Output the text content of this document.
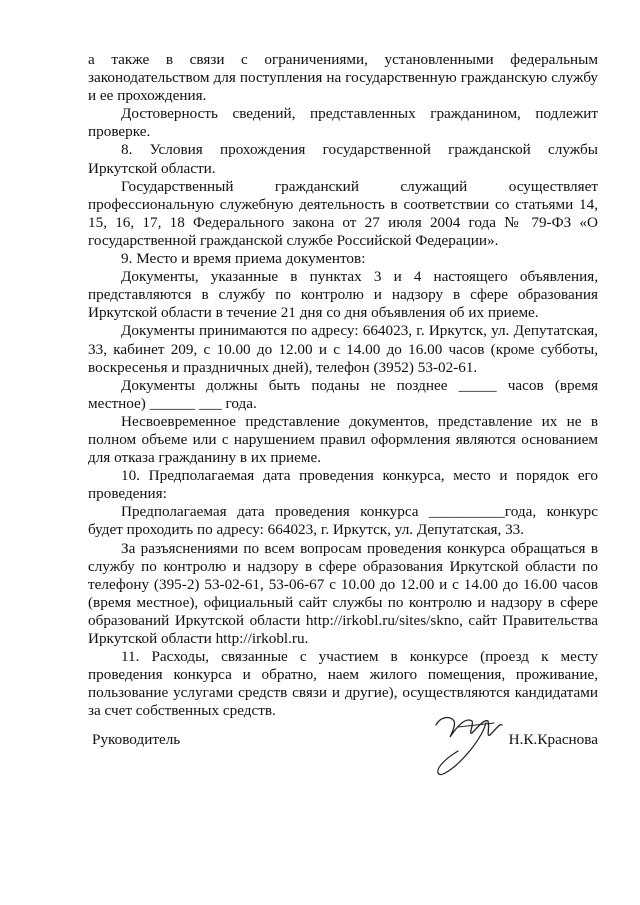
а также в связи с ограничениями, установленными федеральным законодательством для поступления на государственную гражданскую службу и ее прохождения.

Достоверность сведений, представленных гражданином, подлежит проверке.

8. Условия прохождения государственной гражданской службы Иркутской области.

Государственный гражданский служащий осуществляет профессиональную служебную деятельность в соответствии со статьями 14, 15, 16, 17, 18 Федерального закона от 27 июля 2004 года № 79-ФЗ «О государственной гражданской службе Российской Федерации».

9. Место и время приема документов:

Документы, указанные в пунктах 3 и 4 настоящего объявления, представляются в службу по контролю и надзору в сфере образования Иркутской области в течение 21 дня со дня объявления об их приеме.

Документы принимаются по адресу: 664023, г. Иркутск, ул. Депутатская, 33, кабинет 209, с 10.00 до 12.00 и с 14.00 до 16.00 часов (кроме субботы, воскресенья и праздничных дней), телефон (3952) 53-02-61.

Документы должны быть поданы не позднее _____ часов (время местное) ______ ___ года.

Несвоевременное представление документов, представление их не в полном объеме или с нарушением правил оформления являются основанием для отказа гражданину в их приеме.

10. Предполагаемая дата проведения конкурса, место и порядок его проведения:

Предполагаемая дата проведения конкурса __________года, конкурс будет проходить по адресу: 664023, г. Иркутск, ул. Депутатская, 33.

За разъяснениями по всем вопросам проведения конкурса обращаться в службу по контролю и надзору в сфере образования Иркутской области по телефону (395-2) 53-02-61, 53-06-67 с 10.00 до 12.00 и с 14.00 до 16.00 часов (время местное), официальный сайт службы по контролю и надзору в сфере образований Иркутской области http://irkobl.ru/sites/skno, сайт Правительства Иркутской области http://irkobl.ru.

11. Расходы, связанные с участием в конкурсе (проезд к месту проведения конкурса и обратно, наем жилого помещения, проживание, пользование услугами средств связи и другие), осуществляются кандидатами за счет собственных средств.

Руководитель	Н.К.Краснова
